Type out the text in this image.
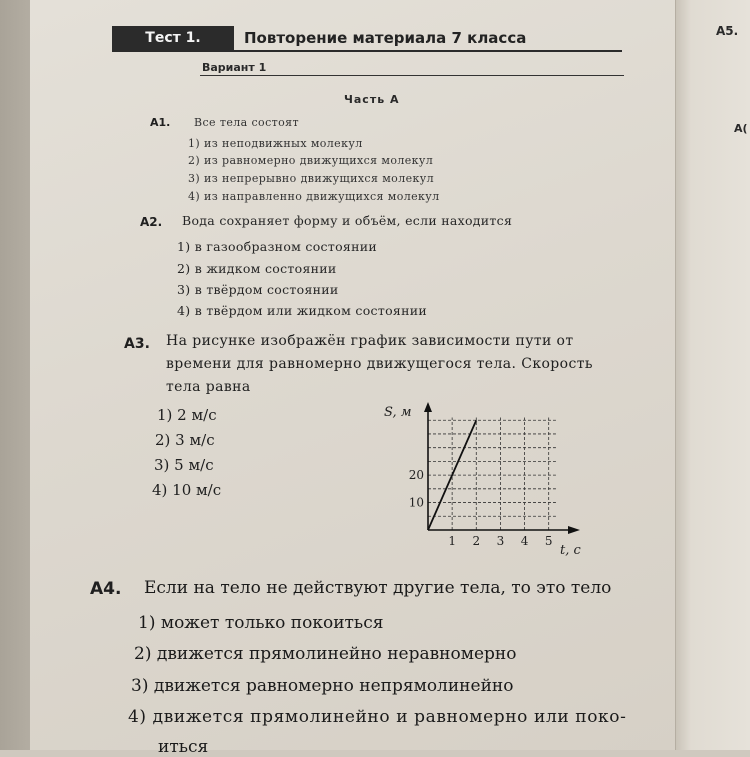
А5.
А(
Тест 1.	Повторение материала 7 класса
Вариант 1
Часть А
А1. Все тела состоят
1) из неподвижных молекул
2) из равномерно движущихся молекул
3) из непрерывно движущихся молекул
4) из направленно движущихся молекул
А2. Вода сохраняет форму и объём, если находится
1) в газообразном состоянии
2) в жидком состоянии
3) в твёрдом состоянии
4) в твёрдом или жидком состоянии
А3. На рисунке изображён график зависимости пути от
времени для равномерно движущегося тела. Скорость
тела равна
1) 2 м/с
2) 3 м/с
3) 5 м/с
4) 10 м/с
10
20
1 2 3 4 5
S, м
t, с
А4. Если на тело не действуют другие тела, то это тело
1) может только покоиться
2) движется прямолинейно неравномерно
3) движется равномерно непрямолинейно
4) движется прямолинейно и равномерно или поко-
иться
